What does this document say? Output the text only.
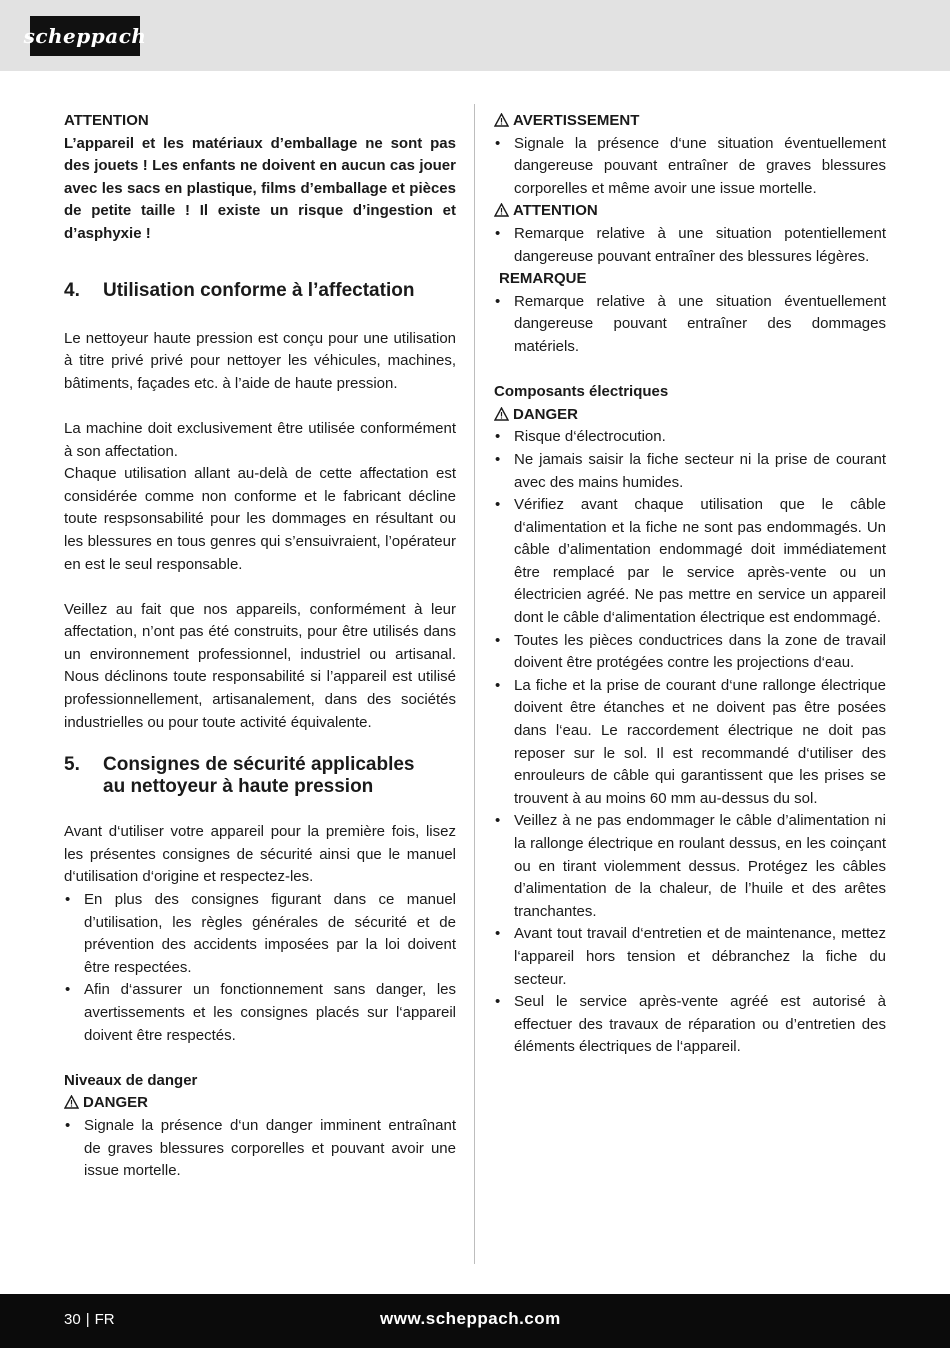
scheppach

ATTENTION

L’appareil et les matériaux d’emballage ne sont pas des jouets ! Les enfants ne doivent en aucun cas jouer avec les sacs en plastique, films d’emballage et pièces de petite taille ! Il existe un risque d’ingestion et d’asphyxie !

4.	Utilisation conforme à l’affectation

Le nettoyeur haute pression est conçu pour une utilisation à titre privé privé pour nettoyer les véhicules, machines, bâtiments, façades etc. à l’aide de haute pression.

La machine doit exclusivement être utilisée conformément à son affectation.

Chaque utilisation allant au-delà de cette affectation est considérée comme non conforme et le fabricant décline toute respsonsabilité pour les dommages en résultant ou les blessures en tous genres qui s’ensuivraient, l’opérateur en est le seul responsable.

Veillez au fait que nos appareils, conformément à leur affectation, n’ont pas été construits, pour être utilisés dans un environnement professionnel, industriel ou artisanal. Nous déclinons toute responsabilité si l’appareil est utilisé professionnellement, artisanalement, dans des sociétés industrielles ou pour toute activité équivalente.

5.	Consignes de sécurité applicables
au nettoyeur à haute pression

Avant d‘utiliser votre appareil pour la première fois, lisez les présentes consignes de sécurité ainsi que le manuel d‘utilisation d‘origine et respectez-les.

• En plus des consignes figurant dans ce manuel d’utilisation, les règles générales de sécurité et de prévention des accidents imposées par la loi doivent être respectées.
• Afin d‘assurer un fonctionnement sans danger, les avertissements et les consignes placés sur l‘appareil doivent être respectés.

Niveaux de danger

DANGER

• Signale la présence d‘un danger imminent entraînant de graves blessures corporelles et pouvant avoir une issue mortelle.

AVERTISSEMENT

• Signale la présence d‘une situation éventuellement dangereuse pouvant entraîner de graves blessures corporelles et même avoir une issue mortelle.

ATTENTION

• Remarque relative à une situation potentiellement dangereuse pouvant entraîner des blessures légères.

REMARQUE

• Remarque relative à une situation éventuellement dangereuse pouvant entraîner des dommages matériels.

Composants électriques

DANGER

• Risque d‘électrocution.
• Ne jamais saisir la fiche secteur ni la prise de courant avec des mains humides.
• Vérifiez avant chaque utilisation que le câble d‘alimentation et la fiche ne sont pas endommagés. Un câble d’alimentation endommagé doit immédiatement être remplacé par le service après-vente ou un électricien agréé. Ne pas mettre en service un appareil dont le câble d‘alimentation électrique est endommagé.
• Toutes les pièces conductrices dans la zone de travail doivent être protégées contre les projections d‘eau.
• La fiche et la prise de courant d‘une rallonge électrique doivent être étanches et ne doivent pas être posées dans l‘eau. Le raccordement électrique ne doit pas reposer sur le sol. Il est recommandé d‘utiliser des enrouleurs de câble qui garantissent que les prises se trouvent à au moins 60 mm au-dessus du sol.
• Veillez à ne pas endommager le câble d’alimentation ni la rallonge électrique en roulant dessus, en les coinçant ou en tirant violemment dessus. Protégez les câbles d’alimentation de la chaleur, de l’huile et des arêtes tranchantes.
• Avant tout travail d‘entretien et de maintenance, mettez l‘appareil hors tension et débranchez la fiche du secteur.
• Seul le service après-vente agréé est autorisé à effectuer des travaux de réparation ou d’entretien des éléments électriques de l‘appareil.
30 | FR	www.scheppach.com
